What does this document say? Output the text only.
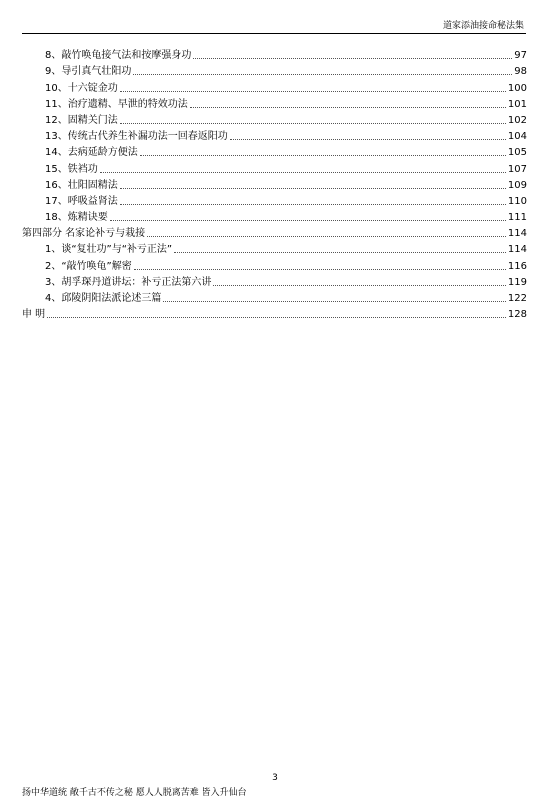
道家添油接命秘法集
8、敲竹唤龟接气法和按摩强身功	97
9、导引真气壮阳功	98
10、十六锭金功	100
11、治疗遗精、早泄的特效功法	101
12、固精关门法	102
13、传统古代养生补漏功法一回春返阳功	104
14、去病延龄方便法	105
15、铁裆功	107
16、壮阳固精法	109
17、呼吸益肾法	110
18、炼精诀要	111
第四部分 名家论补亏与栽接	114
1、谈“复壮功”与“补亏正法”	114
2、“敲竹唤龟”解密	116
3、胡孚琛丹道讲坛：补亏正法第六讲	119
4、邱陵阴阳法派论述三篇	122
申 明	128
3
扬中华道统 敞千古不传之秘 愿人人脱离苦难 皆入升仙台
